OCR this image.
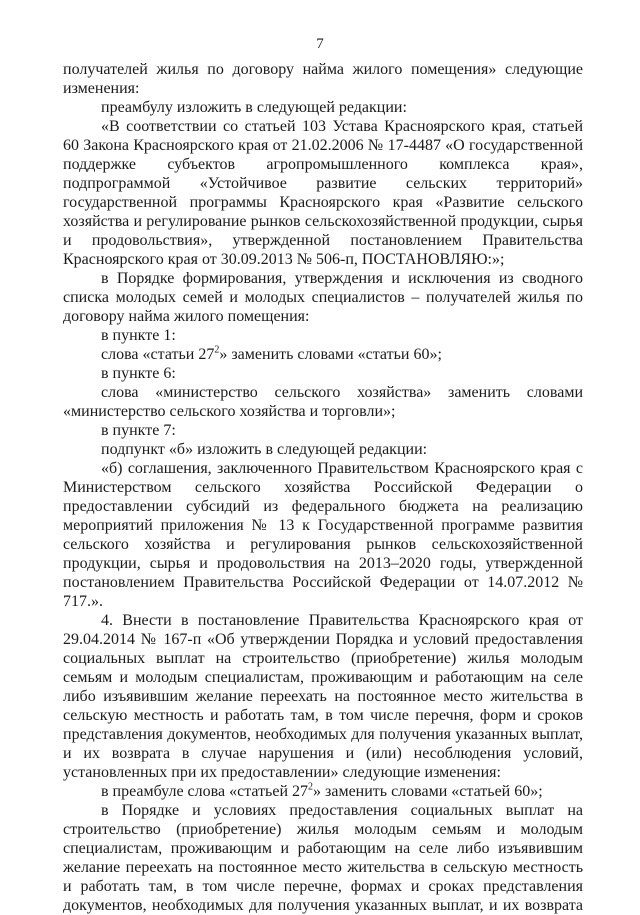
7

получателей жилья по договору найма жилого помещения» следующие изменения:

преамбулу изложить в следующей редакции:

«В соответствии со статьей 103 Устава Красноярского края, статьей 60 Закона Красноярского края от 21.02.2006 № 17-4487 «О государственной поддержке субъектов агропромышленного комплекса края», подпрограммой «Устойчивое развитие сельских территорий» государственной программы Красноярского края «Развитие сельского хозяйства и регулирование рынков сельскохозяйственной продукции, сырья и продовольствия», утвержденной постановлением Правительства Красноярского края от 30.09.2013 № 506-п, ПОСТАНОВЛЯЮ:»;

в Порядке формирования, утверждения и исключения из сводного списка молодых семей и молодых специалистов – получателей жилья по договору найма жилого помещения:

в пункте 1:

слова «статьи $27^2$» заменить словами «статьи 60»;

в пункте 6:

слова «министерство сельского хозяйства» заменить словами «министерство сельского хозяйства и торговли»;

в пункте 7:

подпункт «б» изложить в следующей редакции:

«б) соглашения, заключенного Правительством Красноярского края с Министерством сельского хозяйства Российской Федерации о предоставлении субсидий из федерального бюджета на реализацию мероприятий приложения № 13 к Государственной программе развития сельского хозяйства и регулирования рынков сельскохозяйственной продукции, сырья и продовольствия на 2013–2020 годы, утвержденной постановлением Правительства Российской Федерации от 14.07.2012 № 717.».

4. Внести в постановление Правительства Красноярского края от 29.04.2014 № 167-п «Об утверждении Порядка и условий предоставления социальных выплат на строительство (приобретение) жилья молодым семьям и молодым специалистам, проживающим и работающим на селе либо изъявившим желание переехать на постоянное место жительства в сельскую местность и работать там, в том числе перечня, форм и сроков представления документов, необходимых для получения указанных выплат, и их возврата в случае нарушения и (или) несоблюдения условий, установленных при их предоставлении» следующие изменения:

в преамбуле слова «статьей $27^2$» заменить словами «статьей 60»;

в Порядке и условиях предоставления социальных выплат на строительство (приобретение) жилья молодым семьям и молодым специалистам, проживающим и работающим на селе либо изъявившим желание переехать на постоянное место жительства в сельскую местность и работать там, в том числе перечне, формах и сроках представления документов, необходимых для получения указанных выплат, и их возврата
